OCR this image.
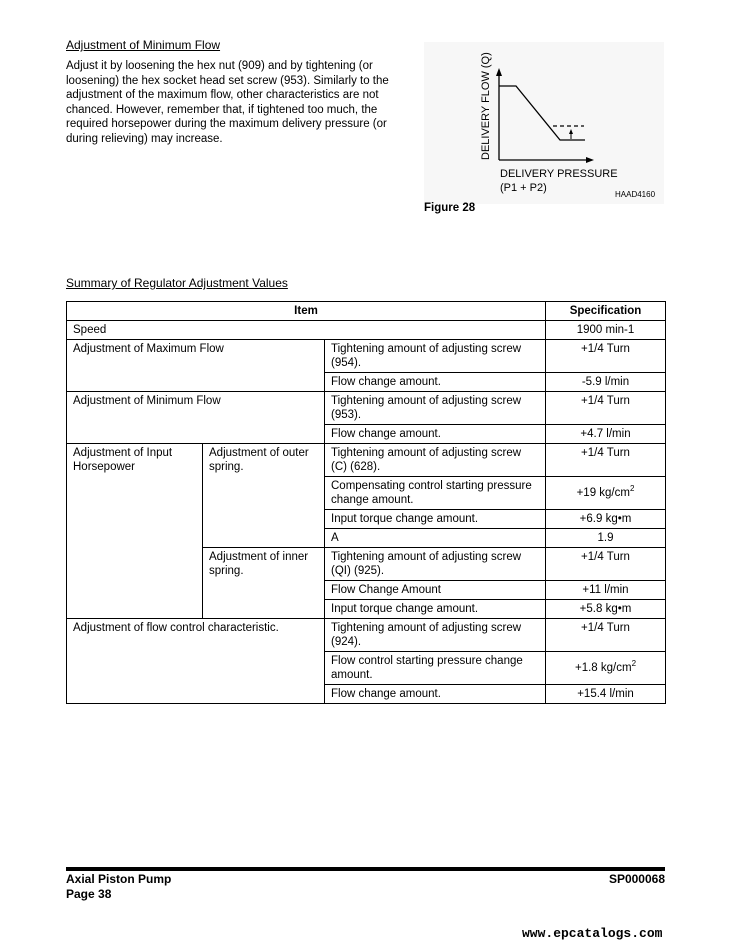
Adjustment of Minimum Flow
Adjust it by loosening the hex nut (909) and by tightening (or
loosening) the hex socket head set screw (953). Similarly to the
adjustment of the maximum flow, other characteristics are not
chanced. However, remember that, if tightened too much, the
required horsepower during the maximum delivery pressure (or
during relieving) may increase.	DELIVERY FLOW (Q)
DELIVERY PRESSURE
(P1 + P2)
HAAD4160
Figure 28
Summary of Regulator Adjustment Values
Item			Specification
Speed			1900 min-1
Adjustment of Maximum Flow		Tightening amount of adjusting screw (954).	+1/4 Turn
		Flow change amount.	-5.9 l/min
Adjustment of Minimum Flow		Tightening amount of adjusting screw (953).	+1/4 Turn
		Flow change amount.	+4.7 l/min
Adjustment of Input Horsepower	Adjustment of outer spring.	Tightening amount of adjusting screw (C) (628).	+1/4 Turn
		Compensating control starting pressure change amount.	+19 $kg/cm^2$
		Input torque change amount.	+6.9 kg•m
		A	1.9
	Adjustment of inner spring.	Tightening amount of adjusting screw (QI) (925).	+1/4 Turn
		Flow Change Amount	+11 l/min
		Input torque change amount.	+5.8 kg•m
Adjustment of flow control characteristic.		Tightening amount of adjusting screw (924).	+1/4 Turn
		Flow control starting pressure change amount.	+1.8 $kg/cm^2$
		Flow change amount.	+15.4 l/min
Axial Piston Pump
Page 38
SP000068
www.epcatalogs.com
